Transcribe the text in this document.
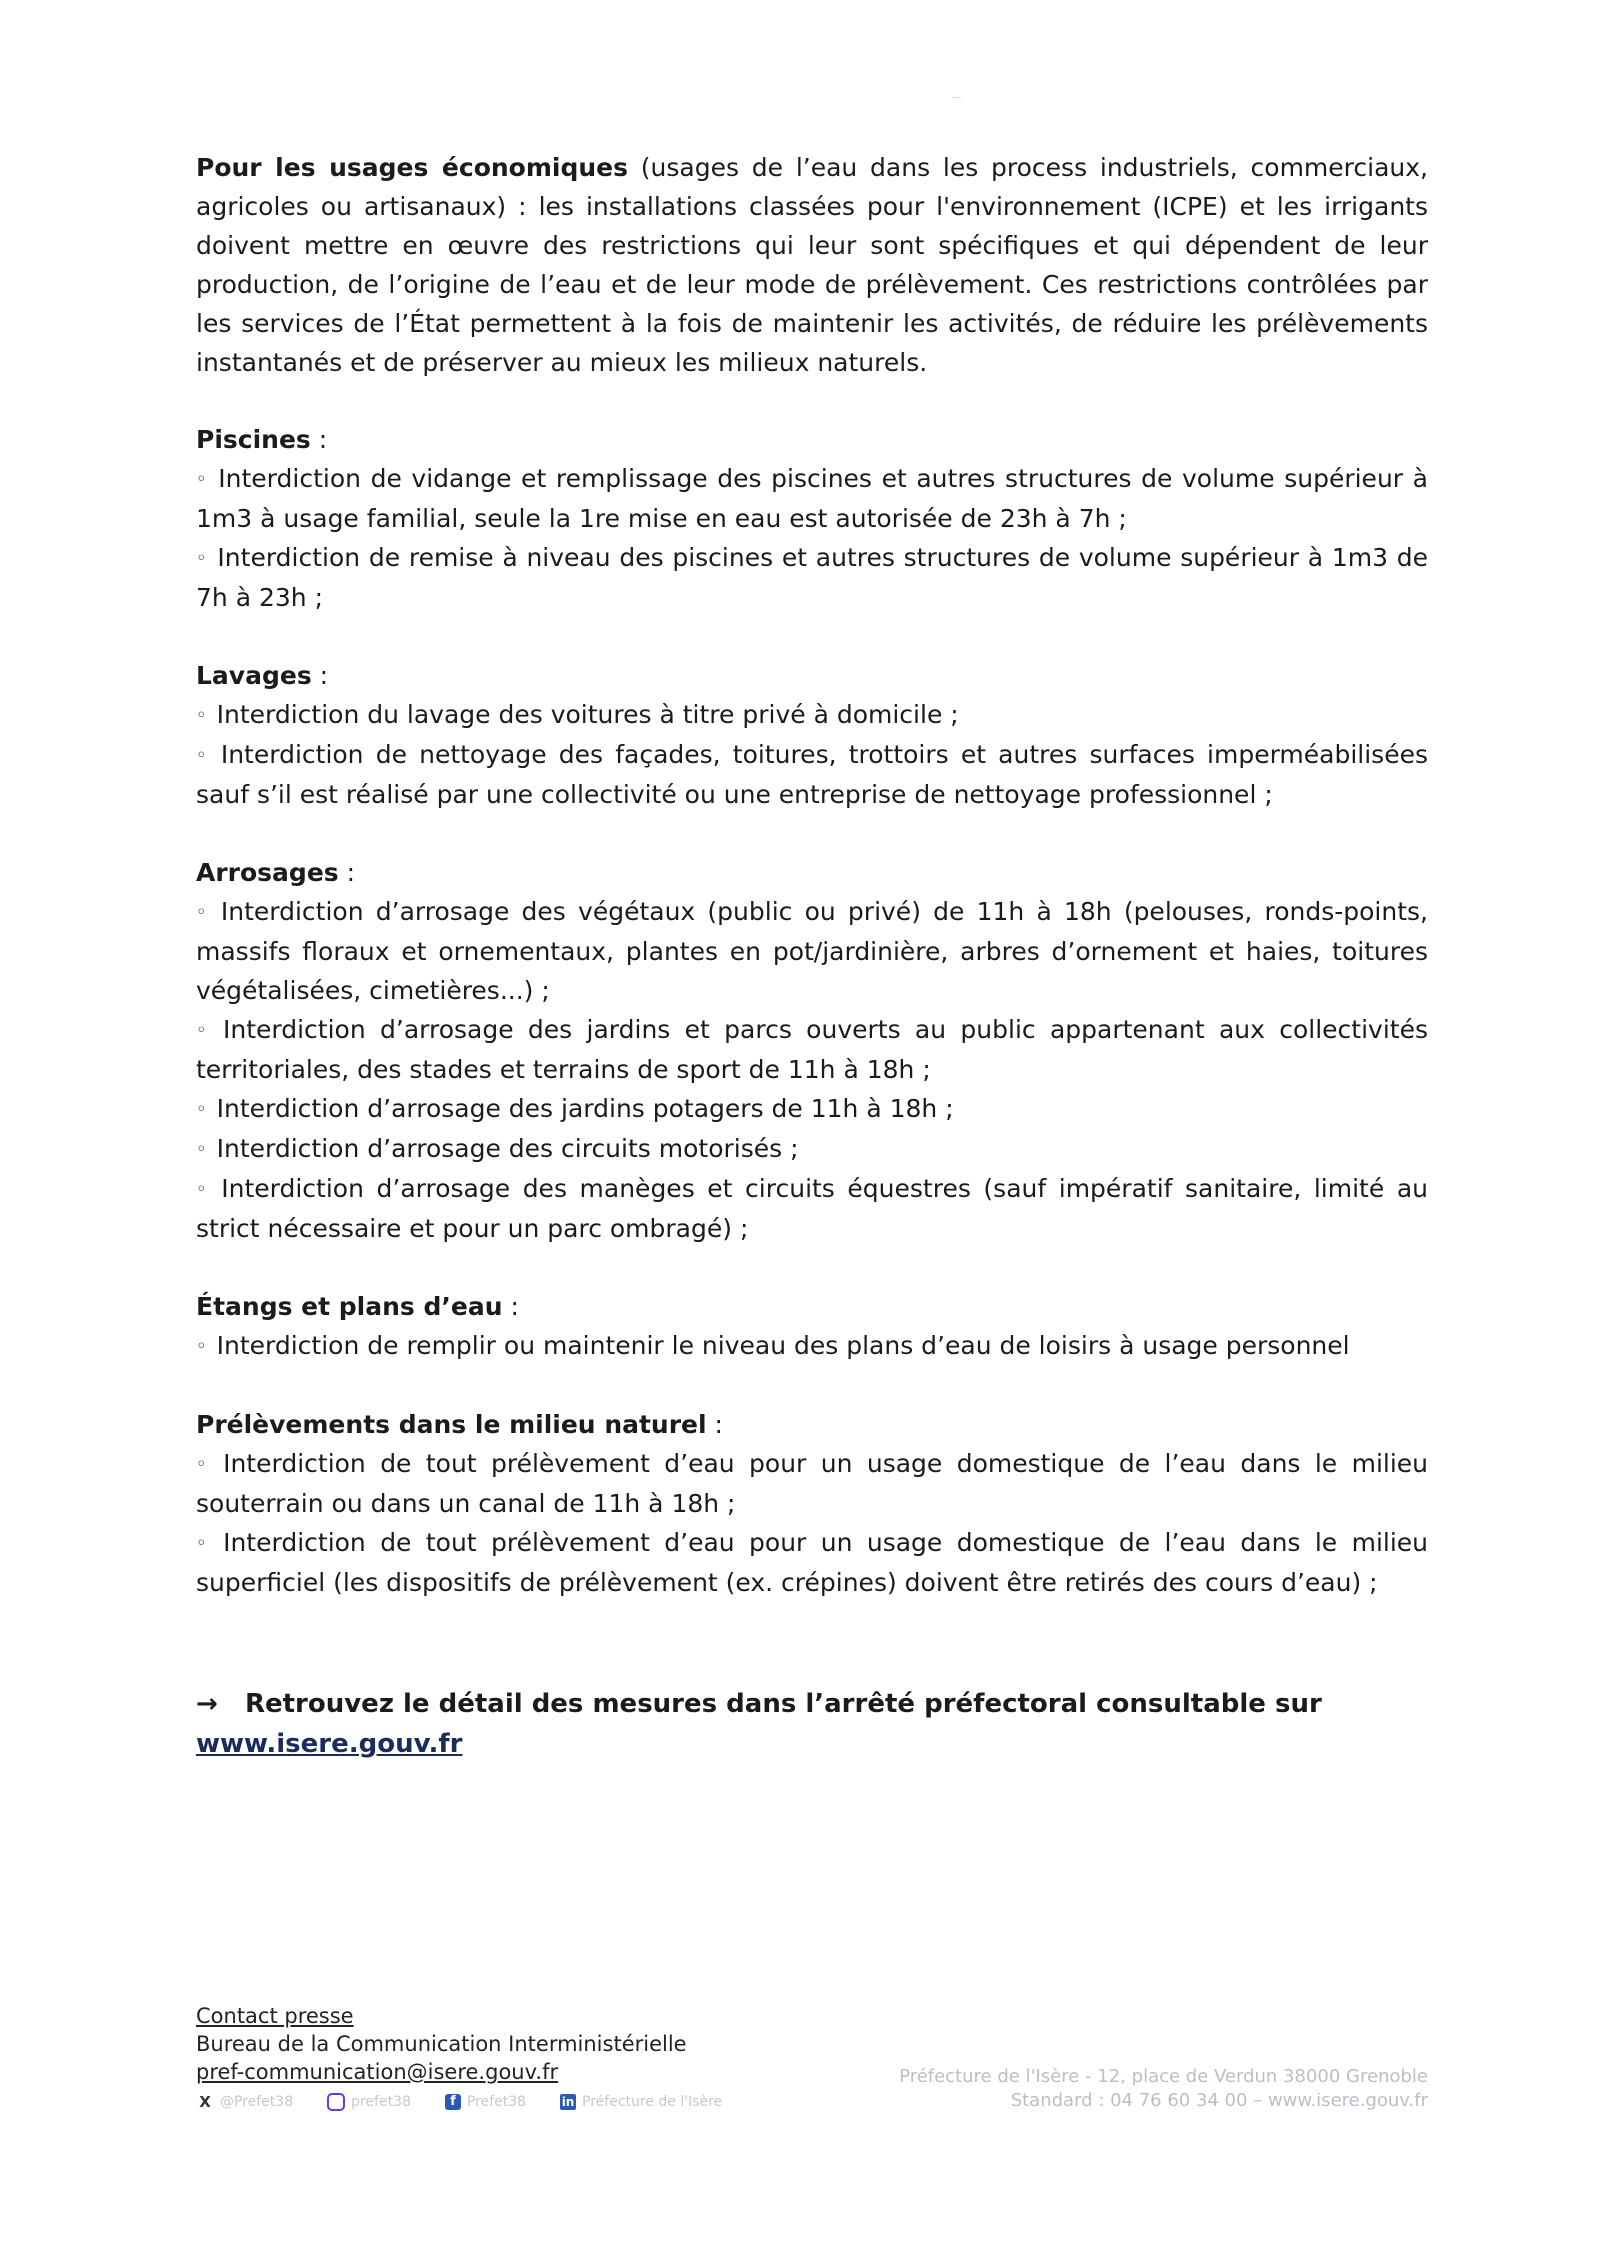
Pour les usages économiques (usages de l’eau dans les process industriels, commerciaux, agricoles ou artisanaux) : les installations classées pour l'environnement (ICPE) et les irrigants doivent mettre en œuvre des restrictions qui leur sont spécifiques et qui dépendent de leur production, de l’origine de l’eau et de leur mode de prélèvement. Ces restrictions contrôlées par les services de l’État permettent à la fois de maintenir les activités, de réduire les prélèvements instantanés et de préserver au mieux les milieux naturels.

Piscines :

◦ Interdiction de vidange et remplissage des piscines et autres structures de volume supérieur à 1m3 à usage familial, seule la 1re mise en eau est autorisée de 23h à 7h ;

◦ Interdiction de remise à niveau des piscines et autres structures de volume supérieur à 1m3 de 7h à 23h ;

Lavages :

◦ Interdiction du lavage des voitures à titre privé à domicile ;

◦ Interdiction de nettoyage des façades, toitures, trottoirs et autres surfaces imperméabilisées sauf s’il est réalisé par une collectivité ou une entreprise de nettoyage professionnel ;

Arrosages :

◦ Interdiction d’arrosage des végétaux (public ou privé) de 11h à 18h (pelouses, ronds-points, massifs floraux et ornementaux, plantes en pot/jardinière, arbres d’ornement et haies, toitures végétalisées, cimetières...) ;

◦ Interdiction d’arrosage des jardins et parcs ouverts au public appartenant aux collectivités territoriales, des stades et terrains de sport de 11h à 18h ;

◦ Interdiction d’arrosage des jardins potagers de 11h à 18h ;

◦ Interdiction d’arrosage des circuits motorisés ;

◦ Interdiction d’arrosage des manèges et circuits équestres (sauf impératif sanitaire, limité au strict nécessaire et pour un parc ombragé) ;

Étangs et plans d’eau :

◦ Interdiction de remplir ou maintenir le niveau des plans d’eau de loisirs à usage personnel

Prélèvements dans le milieu naturel :

◦ Interdiction de tout prélèvement d’eau pour un usage domestique de l’eau dans le milieu souterrain ou dans un canal de 11h à 18h ;

◦ Interdiction de tout prélèvement d’eau pour un usage domestique de l’eau dans le milieu superficiel (les dispositifs de prélèvement (ex. crépines) doivent être retirés des cours d’eau) ;

→ Retrouvez le détail des mesures dans l’arrêté préfectoral consultable sur
www.isere.gouv.fr
Contact presse
Bureau de la Communication Interministérielle
pref-communication@isere.gouv.fr
X @Prefet38	prefet38	f Prefet38	in Préfecture de l'Isère
Préfecture de l'Isère - 12, place de Verdun 38000 Grenoble
Standard : 04 76 60 34 00 – www.isere.gouv.fr
